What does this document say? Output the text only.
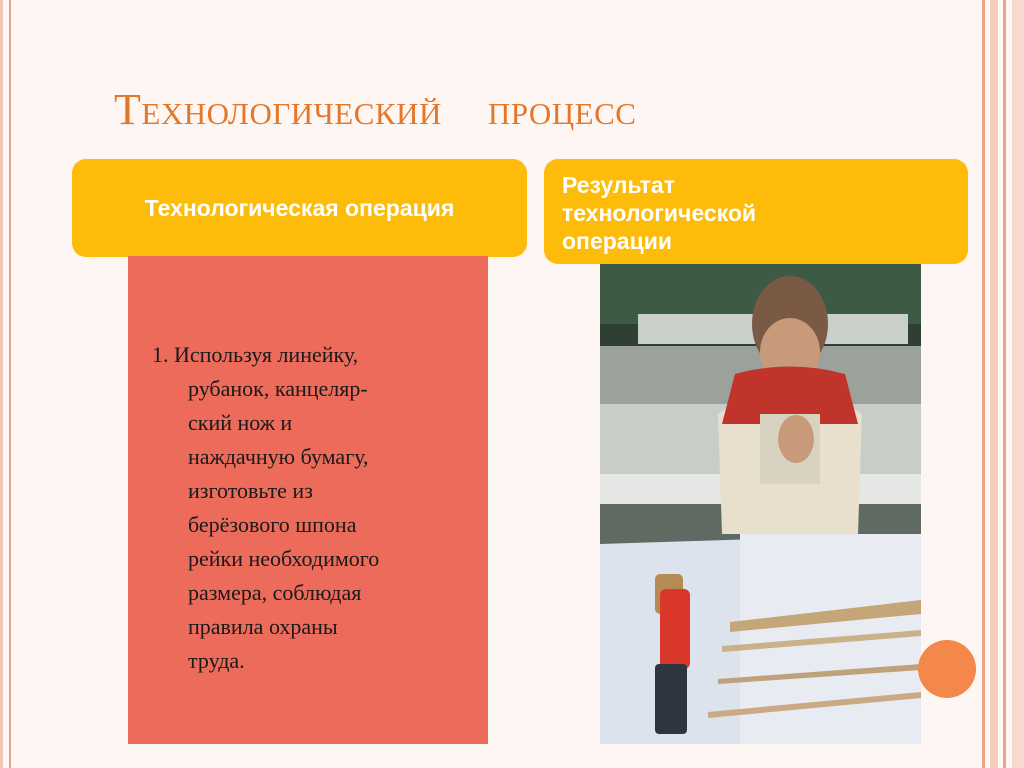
Технологический    процесс
Технологическая операция
Результат
технологической
операции
1. Используя линейку,
рубанок, канцеляр-
ский нож и
наждачную бумагу,
изготовьте из
берёзового шпона
рейки необходимого
размера, соблюдая
правила охраны
труда.
